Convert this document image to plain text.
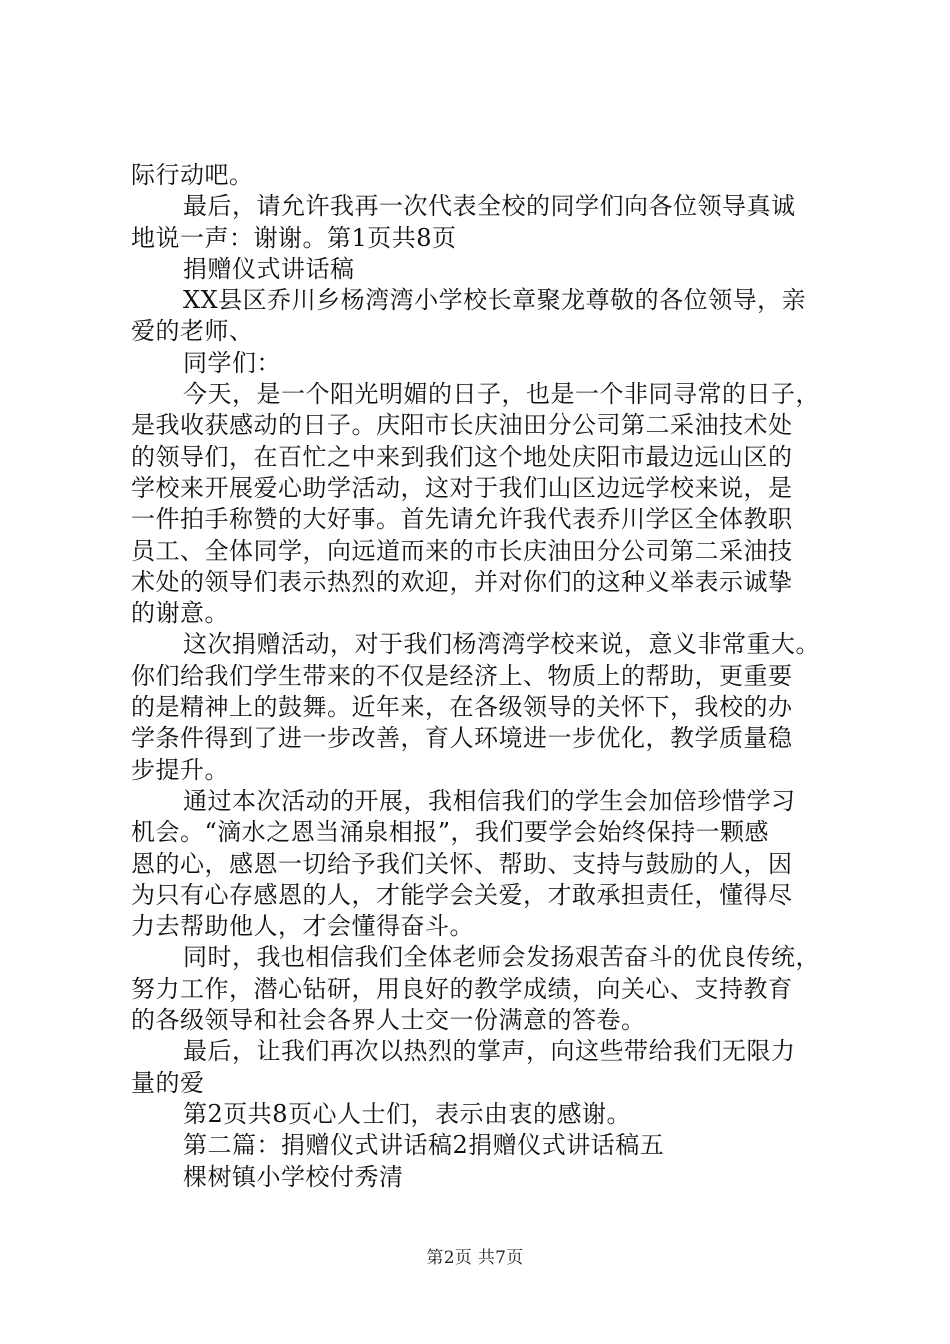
际行动吧。
最后，请允许我再一次代表全校的同学们向各位领导真诚
地说一声：谢谢。第1页共8页
捐赠仪式讲话稿
XX县区乔川乡杨湾湾小学校长章聚龙尊敬的各位领导，亲
爱的老师、
同学们：
今天，是一个阳光明媚的日子，也是一个非同寻常的日子，
是我收获感动的日子。庆阳市长庆油田分公司第二采油技术处
的领导们，在百忙之中来到我们这个地处庆阳市最边远山区的
学校来开展爱心助学活动，这对于我们山区边远学校来说，是
一件拍手称赞的大好事。首先请允许我代表乔川学区全体教职
员工、全体同学，向远道而来的市长庆油田分公司第二采油技
术处的领导们表示热烈的欢迎，并对你们的这种义举表示诚挚
的谢意。
这次捐赠活动，对于我们杨湾湾学校来说，意义非常重大。
你们给我们学生带来的不仅是经济上、物质上的帮助，更重要
的是精神上的鼓舞。近年来，在各级领导的关怀下，我校的办
学条件得到了进一步改善，育人环境进一步优化，教学质量稳
步提升。
通过本次活动的开展，我相信我们的学生会加倍珍惜学习
机会。“滴水之恩当涌泉相报”，我们要学会始终保持一颗感
恩的心，感恩一切给予我们关怀、帮助、支持与鼓励的人，因
为只有心存感恩的人，才能学会关爱，才敢承担责任，懂得尽
力去帮助他人，才会懂得奋斗。
同时，我也相信我们全体老师会发扬艰苦奋斗的优良传统，
努力工作，潜心钻研，用良好的教学成绩，向关心、支持教育
的各级领导和社会各界人士交一份满意的答卷。
最后，让我们再次以热烈的掌声，向这些带给我们无限力
量的爱
第2页共8页心人士们，表示由衷的感谢。
第二篇：捐赠仪式讲话稿2捐赠仪式讲话稿五
棵树镇小学校付秀清
第2页 共7页
